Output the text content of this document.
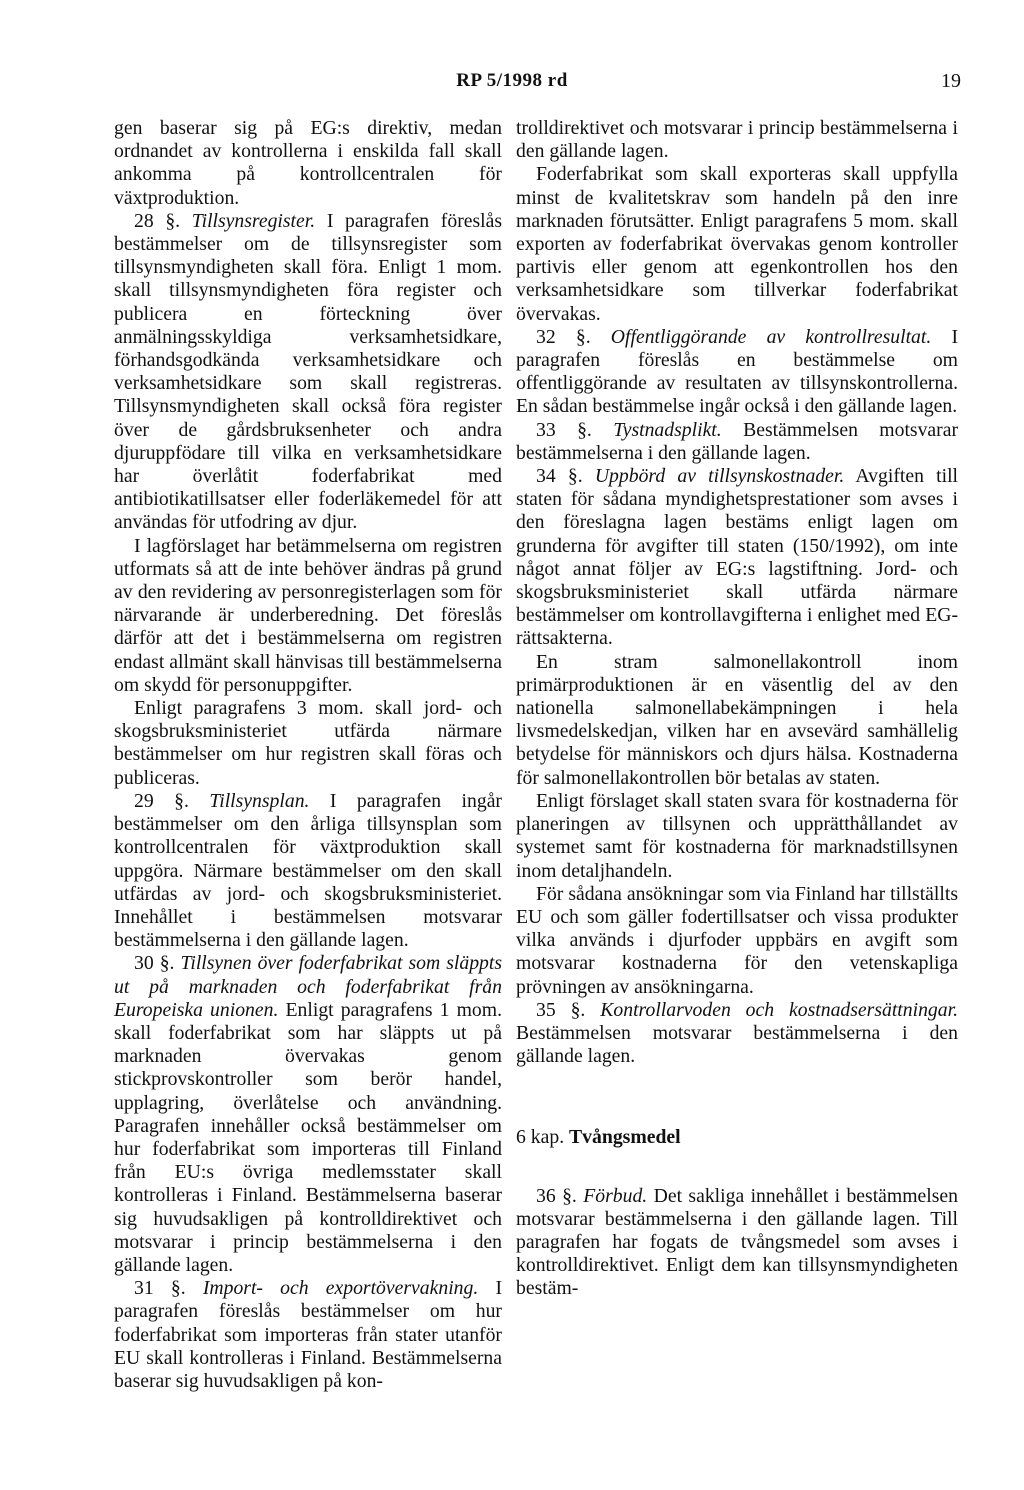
RP 5/1998 rd	19

gen baserar sig på EG:s direktiv, medan ordnandet av kontrollerna i enskilda fall skall ankomma på kontrollcentralen för växtproduktion.

28 §. Tillsynsregister. I paragrafen föreslås bestämmelser om de tillsynsregister som tillsynsmyndigheten skall föra. Enligt 1 mom. skall tillsynsmyndigheten föra register och publicera en förteckning över anmälningsskyldiga verksamhetsidkare, förhandsgodkända verksamhetsidkare och verksamhetsidkare som skall registreras. Tillsynsmyndigheten skall också föra register över de gårdsbruksenheter och andra djuruppfödare till vilka en verksamhetsidkare har överlåtit foderfabrikat med antibiotikatillsatser eller foderläkemedel för att användas för utfodring av djur.

I lagförslaget har betämmelserna om registren utformats så att de inte behöver ändras på grund av den revidering av personregisterlagen som för närvarande är underberedning. Det föreslås därför att det i bestämmelserna om registren endast allmänt skall hänvisas till bestämmelserna om skydd för personuppgifter.

Enligt paragrafens 3 mom. skall jord- och skogsbruksministeriet utfärda närmare bestämmelser om hur registren skall föras och publiceras.

29 §. Tillsynsplan. I paragrafen ingår bestämmelser om den årliga tillsynsplan som kontrollcentralen för växtproduktion skall uppgöra. Närmare bestämmelser om den skall utfärdas av jord- och skogsbruksministeriet. Innehållet i bestämmelsen motsvarar bestämmelserna i den gällande lagen.

30 §. Tillsynen över foderfabrikat som släppts ut på marknaden och foderfabrikat från Europeiska unionen. Enligt paragrafens 1 mom. skall foderfabrikat som har släppts ut på marknaden övervakas genom stickprovskontroller som berör handel, upplagring, överlåtelse och användning. Paragrafen innehåller också bestämmelser om hur foderfabrikat som importeras till Finland från EU:s övriga medlemsstater skall kontrolleras i Finland. Bestämmelserna baserar sig huvudsakligen på kontrolldirektivet och motsvarar i princip bestämmelserna i den gällande lagen.

31 §. Import- och exportövervakning. I paragrafen föreslås bestämmelser om hur foderfabrikat som importeras från stater utanför EU skall kontrolleras i Finland. Bestämmelserna baserar sig huvudsakligen på kon-

trolldirektivet och motsvarar i princip bestämmelserna i den gällande lagen.

Foderfabrikat som skall exporteras skall uppfylla minst de kvalitetskrav som handeln på den inre marknaden förutsätter. Enligt paragrafens 5 mom. skall exporten av foderfabrikat övervakas genom kontroller partivis eller genom att egenkontrollen hos den verksamhetsidkare som tillverkar foderfabrikat övervakas.

32 §. Offentliggörande av kontrollresultat. I paragrafen föreslås en bestämmelse om offentliggörande av resultaten av tillsynskontrollerna. En sådan bestämmelse ingår också i den gällande lagen.

33 §. Tystnadsplikt. Bestämmelsen motsvarar bestämmelserna i den gällande lagen.

34 §. Uppbörd av tillsynskostnader. Avgiften till staten för sådana myndighetsprestationer som avses i den föreslagna lagen bestäms enligt lagen om grunderna för avgifter till staten (150/1992), om inte något annat följer av EG:s lagstiftning. Jord- och skogsbruksministeriet skall utfärda närmare bestämmelser om kontrollavgifterna i enlighet med EG-rättsakterna.

En stram salmonellakontroll inom primärproduktionen är en väsentlig del av den nationella salmonellabekämpningen i hela livsmedelskedjan, vilken har en avsevärd samhällelig betydelse för människors och djurs hälsa. Kostnaderna för salmonellakontrollen bör betalas av staten.

Enligt förslaget skall staten svara för kostnaderna för planeringen av tillsynen och upprätthållandet av systemet samt för kostnaderna för marknadstillsynen inom detaljhandeln.

För sådana ansökningar som via Finland har tillställts EU och som gäller fodertillsatser och vissa produkter vilka används i djurfoder uppbärs en avgift som motsvarar kostnaderna för den vetenskapliga prövningen av ansökningarna.

35 §. Kontrollarvoden och kostnadsersättningar. Bestämmelsen motsvarar bestämmelserna i den gällande lagen.

6 kap. Tvångsmedel

36 §. Förbud. Det sakliga innehållet i bestämmelsen motsvarar bestämmelserna i den gällande lagen. Till paragrafen har fogats de tvångsmedel som avses i kontrolldirektivet. Enligt dem kan tillsynsmyndigheten bestäm-
